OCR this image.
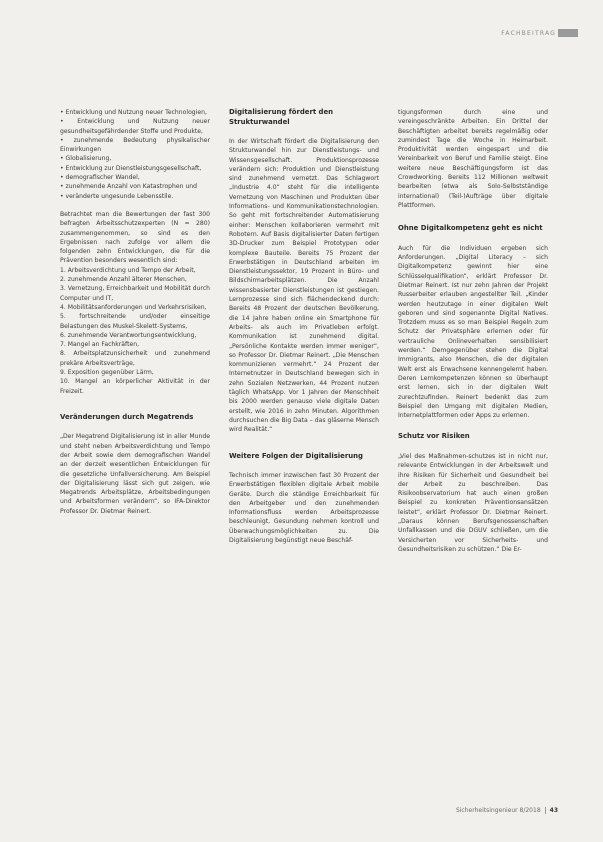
FACHBEITRAG

• Entwicklung und Nutzung neuer Technologien,

• Entwicklung und Nutzung neuer gesundheitsgefährdender Stoffe und Produkte,

• zunehmende Bedeutung physikalischer Einwirkungen

• Globalisierung,

• Entwicklung zur Dienstleistungsgesellschaft,

• demografischer Wandel,

• zunehmende Anzahl von Katastrophen und

• veränderte ungesunde Lebensstile.

Betrachtet man die Bewertungen der fast 300 befragten Arbeitsschutzexperten (N = 280) zusammengenommen, so sind es den Ergebnissen nach zufolge vor allem die folgenden zehn Entwicklungen, die für die Prävention besonders wesentlich sind:

1. Arbeitsverdichtung und Tempo der Arbeit,

2. zunehmende Anzahl älterer Menschen,

3. Vernetzung, Erreichbarkeit und Mobilität durch Computer und IT,

4. Mobilitätsanforderungen und Verkehrsrisiken,

5. fortschreitende und/oder einseitige Belastungen des Muskel-Skelett-Systems,

6. zunehmende Verantwortungsentwicklung,

7. Mangel an Fachkräften,

8. Arbeitsplatzunsicherheit und zunehmend prekäre Arbeitsverträge,

9. Exposition gegenüber Lärm,

10. Mangel an körperlicher Aktivität in der Freizeit.

Veränderungen durch Megatrends

„Der Megatrend Digitalisierung ist in aller Munde und steht neben Arbeitsverdichtung und Tempo der Arbeit sowie dem demografischen Wandel an der derzeit wesentlichen Entwicklungen für die gesetzliche Unfallversicherung. Am Beispiel der Digitalisierung lässt sich gut zeigen, wie Megatrends Arbeitsplätze, Arbeitsbedingungen und Arbeitsformen verändern“, so IFA-Direktor Professor Dr. Dietmar Reinert.

Digitalisierung fördert den Strukturwandel

In der Wirtschaft fördert die Digitalisierung den Strukturwandel hin zur Dienstleistungs- und Wissensgesellschaft. Produktionsprozesse verändern sich: Produktion und Dienstleistung sind zunehmend vernetzt. Das Schlagwort „Industrie 4.0“ steht für die intelligente Vernetzung von Maschinen und Produkten über Informations- und Kommunikationstechnologien. So geht mit fortschreitender Automatisierung einher: Menschen kollaborieren vermehrt mit Robotern. Auf Basis digitalisierter Daten fertigen 3D-Drucker zum Beispiel Prototypen oder komplexe Bauteile. Bereits 75 Prozent der Erwerbstätigen in Deutschland arbeiten im Dienstleistungssektor, 19 Prozent in Büro- und Bildschirmarbeitsplätzen. Die Anzahl wissensbasierter Dienstleistungen ist gestiegen. Lernprozesse sind sich flächendeckend durch: Bereits 48 Prozent der deutschen Bevölkerung, die 14 Jahre haben online ein Smartphone für Arbeits- als auch im Privatleben erfolgt. Kommunikation ist zunehmend digital. „Persönliche Kontakte werden immer weniger“, so Professor Dr. Dietmar Reinert. „Die Menschen kommunizieren vermehrt.“ 24 Prozent der Internetnutzer in Deutschland bewegen sich in zehn Sozialen Netzwerken, 44 Prozent nutzen täglich WhatsApp. Vor 1 Jahren der Menschheit bis 2000 werden genauso viele digitale Daten erstellt, wie 2016 in zehn Minuten. Algorithmen durchsuchen die Big Data – das gläserne Mensch wird Realität.“

Weitere Folgen der Digitalisierung

Technisch immer inzwischen fast 30 Prozent der Erwerbstätigen flexiblen digitale Arbeit mobile Geräte. Durch die ständige Erreichbarkeit für den Arbeitgeber und den zunehmenden Informationsfluss werden Arbeitsprozesse beschleunigt, Gesundung nehmen kontroll und Überwachungsmöglichkeiten zu. Die Digitalisierung begünstigt neue Beschäf-

tigungsformen durch eine und vereingeschränkte Arbeiten. Ein Drittel der Beschäftigten arbeitet bereits regelmäßig oder zumindest Tage die Woche in Heimarbeit. Produktivität werden eingespart und die Vereinbarkeit von Beruf und Familie steigt. Eine weitere neue Beschäftigungsform ist das Crowdworking. Bereits 112 Millionen weltweit bearbeiten (etwa als Solo-Selbstständige international) (Teil-)Aufträge über digitale Plattformen.

Ohne Digitalkompetenz geht es nicht

Auch für die Individuen ergeben sich Anforderungen. „Digital Literacy – sich Digitalkompetenz gewinnt hier eine Schlüsselqualifikation“, erklärt Professor Dr. Dietmar Reinert. Ist nur zehn Jahren der Projekt Russerbeiter erlauben angestellter Teil. „Kinder werden heutzutage in einer digitalen Welt geboren und sind sogenannte Digital Natives. Trotzdem muss es so man Beispiel Regeln zum Schutz der Privatsphäre erlernen oder für vertrauliche Onlineverhalten sensibilisiert werden.“ Demgegenüber stehen die Digital Immigrants, also Menschen, die der digitalen Welt erst als Erwachsene kennengelernt haben. Deren Lernkompetenzen können so überhaupt erst lernen, sich in der digitalen Welt zurechtzufinden. Reinert bedenkt das zum Beispiel den Umgang mit digitalen Medien, Internetplattformen oder Apps zu erlernen.

Schutz vor Risiken

„Viel des Maßnahmen-schutzes ist in nicht nur, relevante Entwicklungen in der Arbeitswelt und ihre Risiken für Sicherheit und Gesundheit bei der Arbeit zu beschreiben. Das Risikoobservatorium hat auch einen großen Beispiel zu konkreten Präventionsansätzen leistet“, erklärt Professor Dr. Dietmar Reinert. „Daraus können Berufsgenossenschaften Unfallkassen und die DGUV schließen, um die Versicherten vor Sicherheits- und Gesundheitsrisiken zu schützen.“ Die Er-

Sicherheitsingenieur 8/2018 43
